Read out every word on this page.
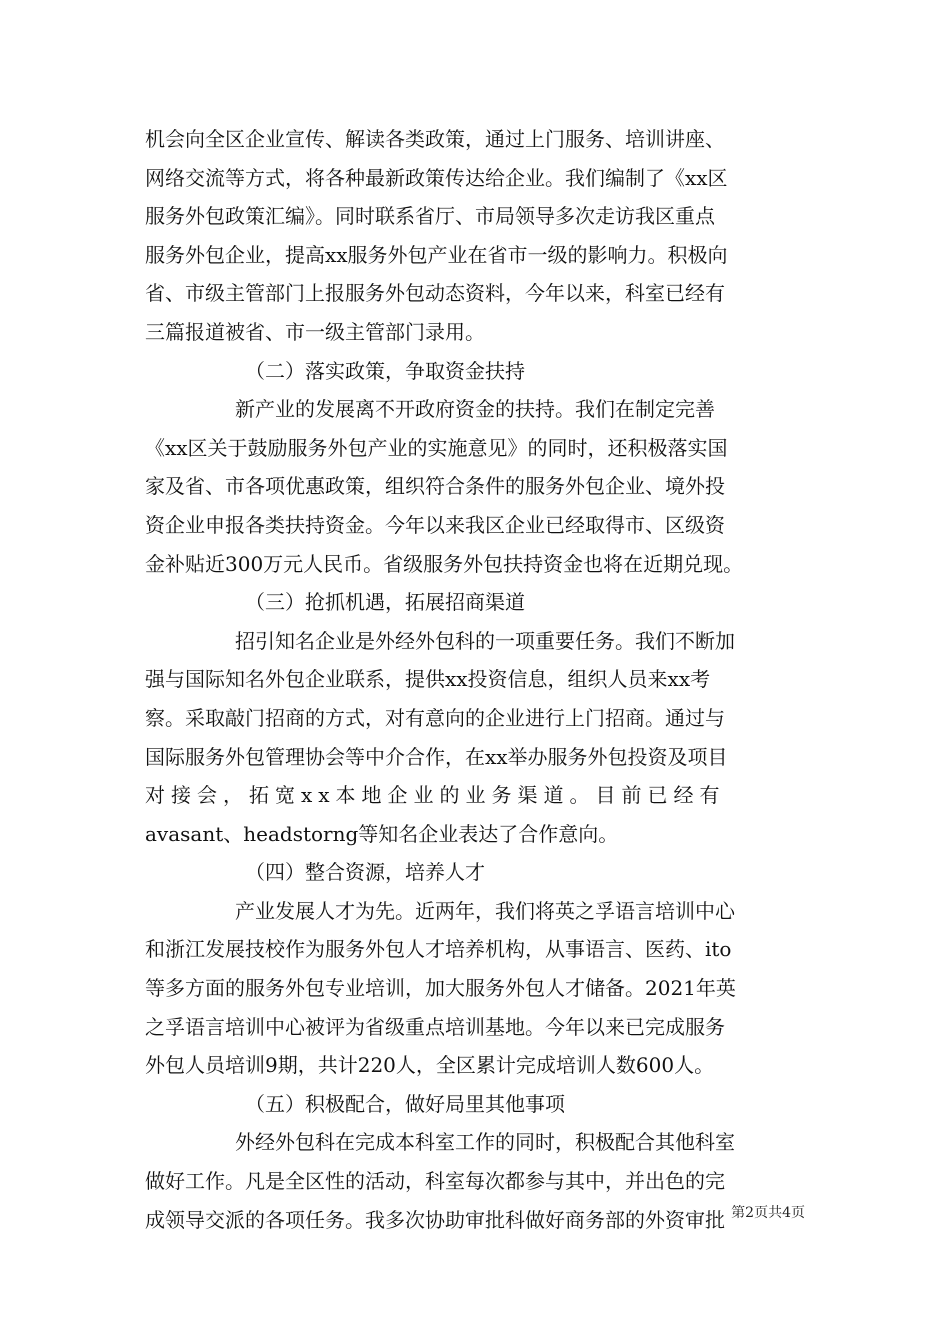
机会向全区企业宣传、解读各类政策，通过上门服务、培训讲座、
网络交流等方式，将各种最新政策传达给企业。我们编制了《xx区
服务外包政策汇编》。同时联系省厅、市局领导多次走访我区重点
服务外包企业，提高xx服务外包产业在省市一级的影响力。积极向
省、市级主管部门上报服务外包动态资料，今年以来，科室已经有
三篇报道被省、市一级主管部门录用。
（二）落实政策，争取资金扶持
新产业的发展离不开政府资金的扶持。我们在制定完善
《xx区关于鼓励服务外包产业的实施意见》的同时，还积极落实国
家及省、市各项优惠政策，组织符合条件的服务外包企业、境外投
资企业申报各类扶持资金。今年以来我区企业已经取得市、区级资
金补贴近300万元人民币。省级服务外包扶持资金也将在近期兑现。
（三）抢抓机遇，拓展招商渠道
招引知名企业是外经外包科的一项重要任务。我们不断加
强与国际知名外包企业联系，提供xx投资信息，组织人员来xx考
察。采取敲门招商的方式，对有意向的企业进行上门招商。通过与
国际服务外包管理协会等中介合作，在xx举办服务外包投资及项目
对接会，拓宽xx本地企业的业务渠道。目前已经有
avasant、headstorng等知名企业表达了合作意向。
（四）整合资源，培养人才
产业发展人才为先。近两年，我们将英之孚语言培训中心
和浙江发展技校作为服务外包人才培养机构，从事语言、医药、ito
等多方面的服务外包专业培训，加大服务外包人才储备。2021年英
之孚语言培训中心被评为省级重点培训基地。今年以来已完成服务
外包人员培训9期，共计220人，全区累计完成培训人数600人。
（五）积极配合，做好局里其他事项
外经外包科在完成本科室工作的同时，积极配合其他科室
做好工作。凡是全区性的活动，科室每次都参与其中，并出色的完
成领导交派的各项任务。我多次协助审批科做好商务部的外资审批 第2页共4页
